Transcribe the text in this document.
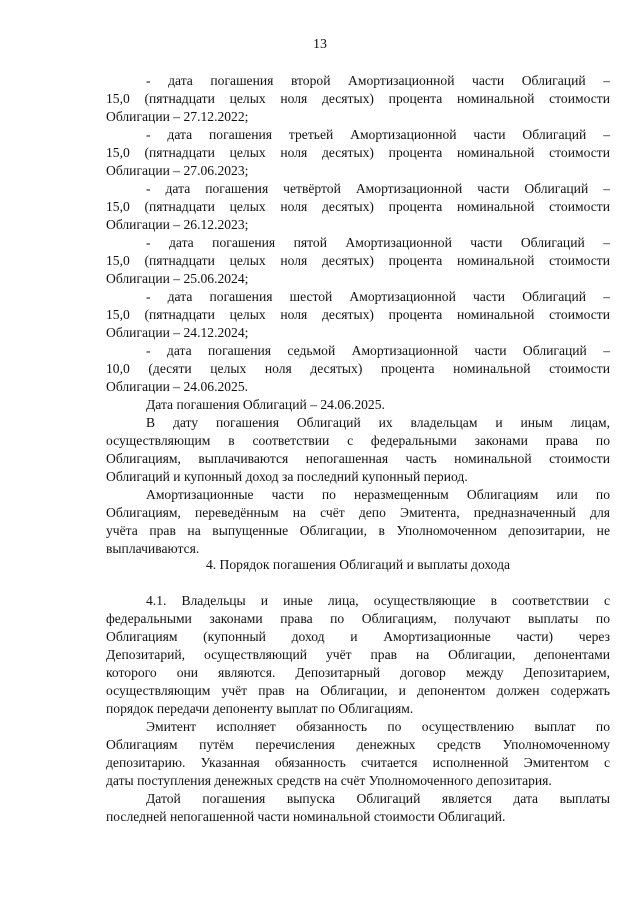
13
- дата погашения второй Амортизационной части Облигаций –
15,0 (пятнадцати целых ноля десятых) процента номинальной стоимости
Облигации – 27.12.2022;
- дата погашения третьей Амортизационной части Облигаций –
15,0 (пятнадцати целых ноля десятых) процента номинальной стоимости
Облигации – 27.06.2023;
- дата погашения четвёртой Амортизационной части Облигаций –
15,0 (пятнадцати целых ноля десятых) процента номинальной стоимости
Облигации – 26.12.2023;
- дата погашения пятой Амортизационной части Облигаций –
15,0 (пятнадцати целых ноля десятых) процента номинальной стоимости
Облигации – 25.06.2024;
- дата погашения шестой Амортизационной части Облигаций –
15,0 (пятнадцати целых ноля десятых) процента номинальной стоимости
Облигации – 24.12.2024;
- дата погашения седьмой Амортизационной части Облигаций –
10,0 (десяти целых ноля десятых) процента номинальной стоимости
Облигации – 24.06.2025.
Дата погашения Облигаций – 24.06.2025.
В дату погашения Облигаций их владельцам и иным лицам,
осуществляющим в соответствии с федеральными законами права по
Облигациям, выплачиваются непогашенная часть номинальной стоимости
Облигаций и купонный доход за последний купонный период.
Амортизационные части по неразмещенным Облигациям или по
Облигациям, переведённым на счёт депо Эмитента, предназначенный для
учёта прав на выпущенные Облигации, в Уполномоченном депозитарии, не
выплачиваются.
4. Порядок погашения Облигаций и выплаты дохода
4.1. Владельцы и иные лица, осуществляющие в соответствии с
федеральными законами права по Облигациям, получают выплаты по
Облигациям (купонный доход и Амортизационные части) через
Депозитарий, осуществляющий учёт прав на Облигации, депонентами
которого они являются. Депозитарный договор между Депозитарием,
осуществляющим учёт прав на Облигации, и депонентом должен содержать
порядок передачи депоненту выплат по Облигациям.
Эмитент исполняет обязанность по осуществлению выплат по
Облигациям путём перечисления денежных средств Уполномоченному
депозитарию. Указанная обязанность считается исполненной Эмитентом с
даты поступления денежных средств на счёт Уполномоченного депозитария.
Датой погашения выпуска Облигаций является дата выплаты
последней непогашенной части номинальной стоимости Облигаций.
